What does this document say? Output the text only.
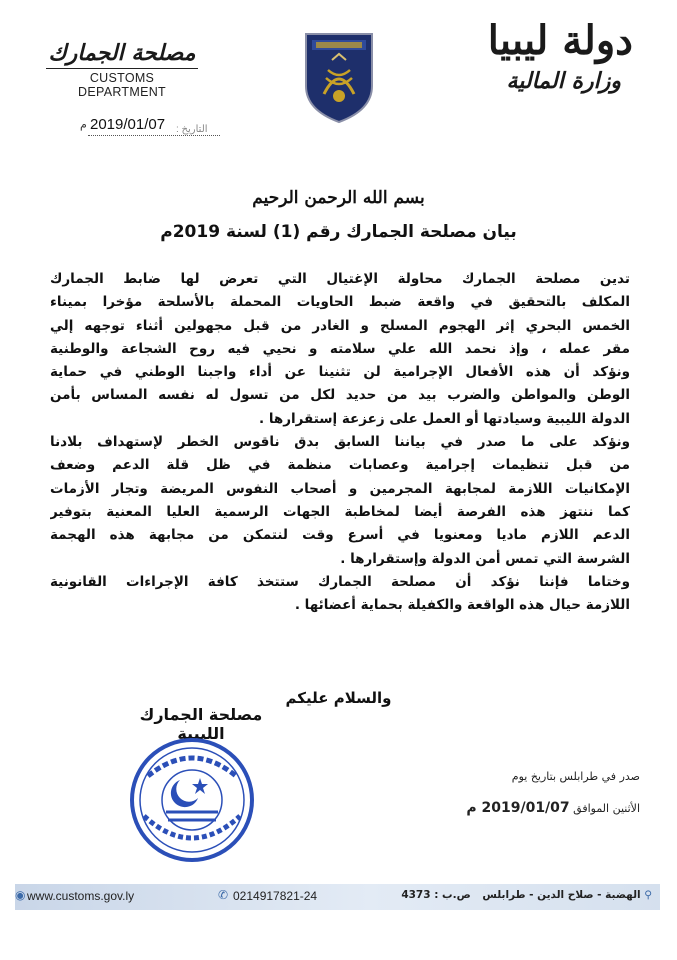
دولة ليبيا
وزارة المالية
مصلحة الجمارك
CUSTOMS DEPARTMENT
م 2019/01/07 التاريخ :
بسم الله الرحمن الرحيم
بيان مصلحة الجمارك رقم (1) لسنة 2019م
تدين مصلحة الجمارك محاولة الإغتيال التي تعرض لها ضابط الجمارك
المكلف بالتحقيق في واقعة ضبط الحاويات المحملة بالأسلحة مؤخرا بميناء
الخمس البحري إثر الهجوم المسلح و الغادر من قبل مجهولين أثناء توجهه إلي
مقر عمله ، وإذ نحمد الله علي سلامته و نحيي فيه روح الشجاعة والوطنية
ونؤكد أن هذه الأفعال الإجرامية لن تثنينا عن أداء واجبنا الوطني في حماية
الوطن والمواطن والضرب بيد من حديد لكل من تسول له نفسه المساس بأمن
الدولة الليبية وسيادتها أو العمل على زعزعة إستقرارها .
ونؤكد على ما صدر في بياننا السابق بدق ناقوس الخطر لإستهداف بلادنا
من قبل تنظيمات إجرامية وعصابات منظمة في ظل قلة الدعم وضعف
الإمكانيات اللازمة لمجابهة المجرمين و أصحاب النفوس المريضة وتجار الأزمات
كما ننتهز هذه الفرصة أيضا لمخاطبة الجهات الرسمية العليا المعنية بتوفير
الدعم اللازم ماديا ومعنويا في أسرع وقت لنتمكن من مجابهة هذه الهجمة
الشرسة التي تمس أمن الدولة وإستقرارها .
وختاما فإننا نؤكد أن مصلحة الجمارك ستتخذ كافة الإجراءات القانونية
اللازمة حيال هذه الواقعة والكفيلة بحماية أعضائها .
والسلام عليكم
مصلحة الجمارك الليبية
صدر في طرابلس بتاريخ يوم
الأثنين الموافق 2019/01/07 م
◉ www.customs.gov.ly	✆ 0214917821-24	⚲ الهضبة - صلاح الدين - طرابلس ص.ب : 4373
